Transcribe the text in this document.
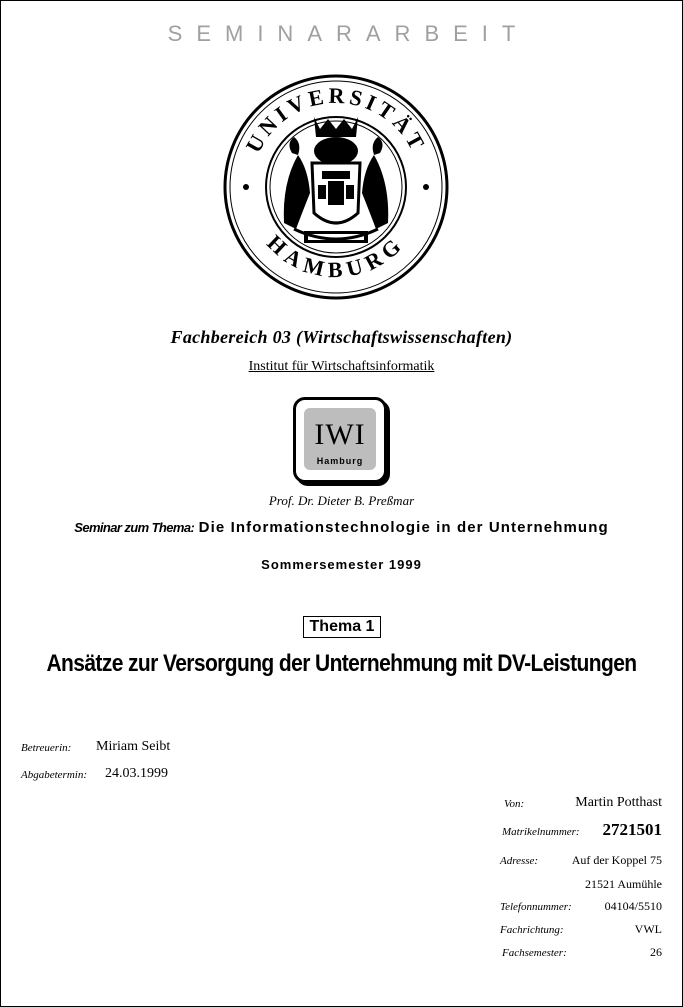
SEMINARARBEIT
UNIVERSITÄT
HAMBURG
Fachbereich 03 (Wirtschaftswissenschaften)
Institut für Wirtschaftsinformatik
IWI
Hamburg
Prof. Dr. Dieter B. Preßmar
Seminar zum Thema: Die Informationstechnologie in der Unternehmung
Sommersemester 1999
Thema 1
Ansätze zur Versorgung der Unternehmung mit DV-Leistungen
Betreuerin: Miriam Seibt
Abgabetermin: 24.03.1999
Von:	Martin Potthast
Matrikelnummer: 2721501
Adresse:	Auf der Koppel 75
21521 Aumühle
Telefonnummer:	04104/5510
Fachrichtung:	VWL
Fachsemester:	26
